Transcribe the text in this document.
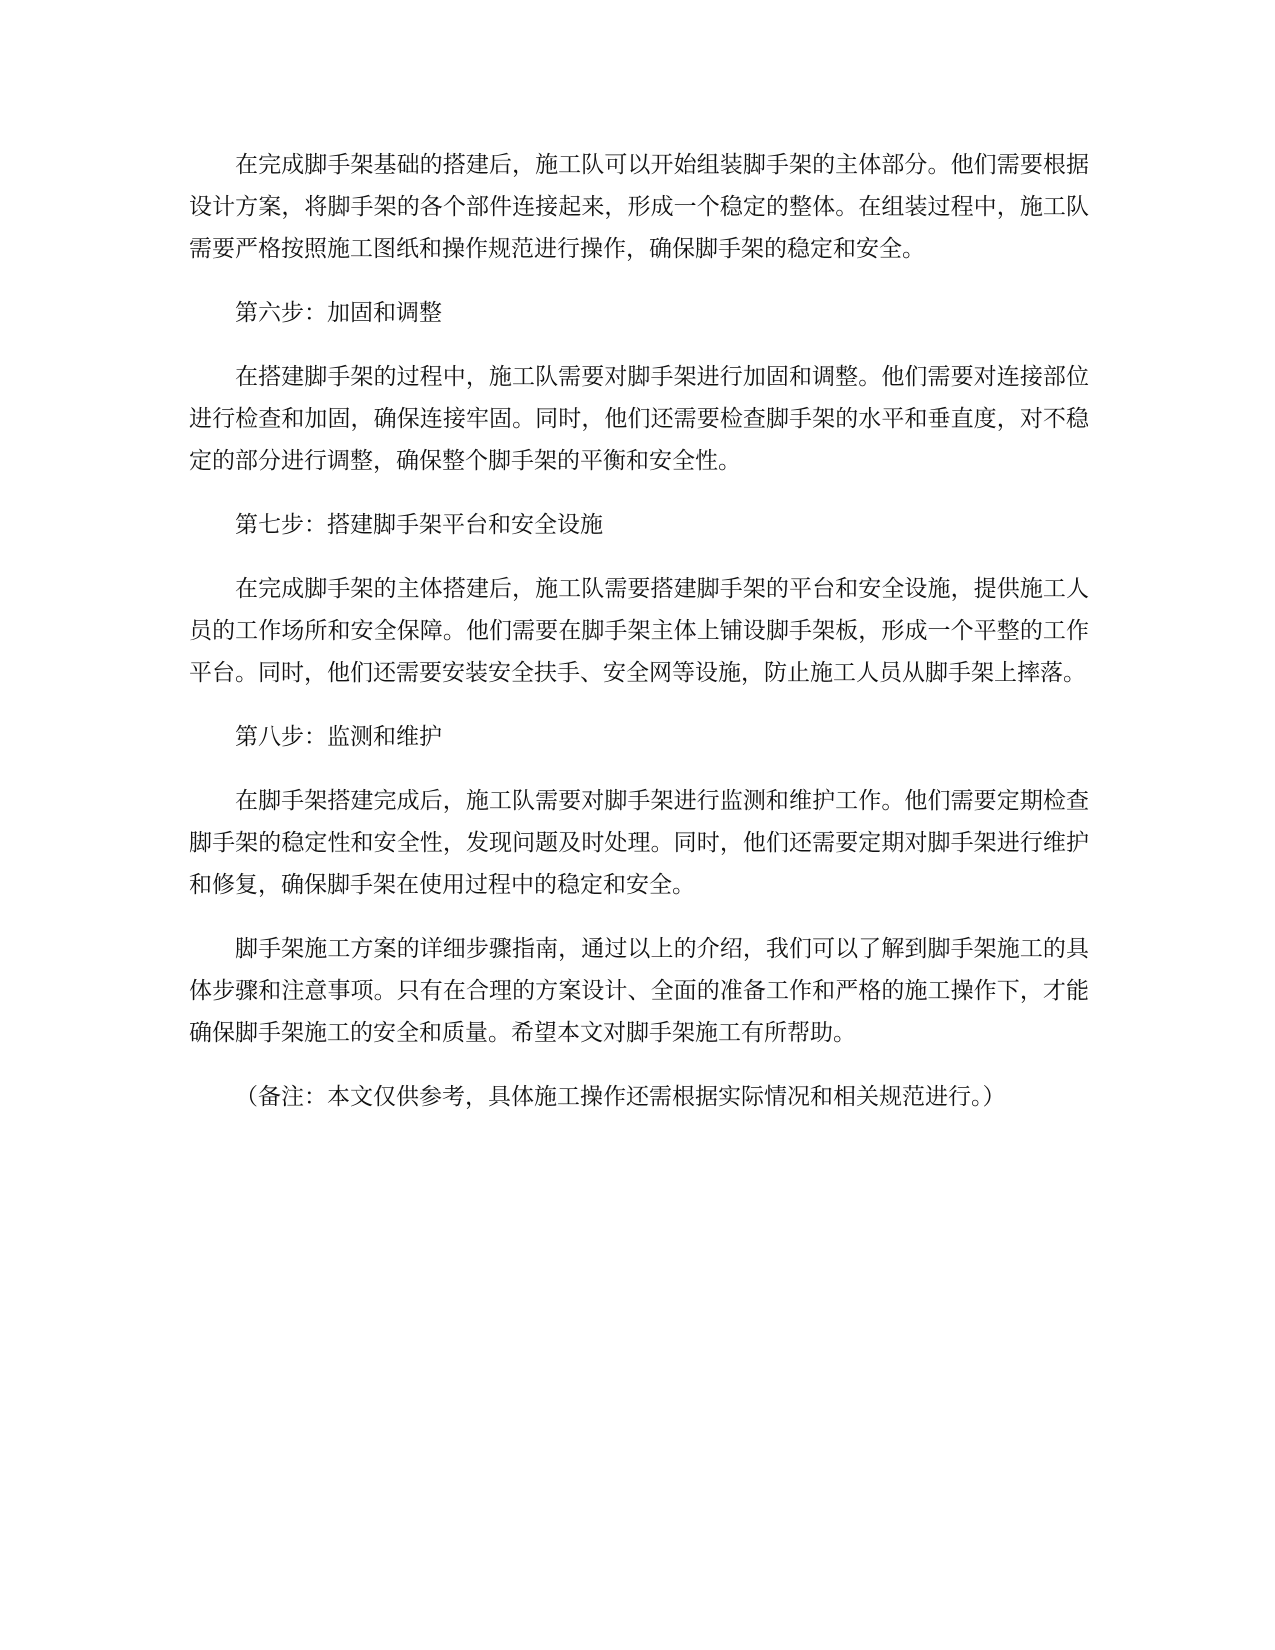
在完成脚手架基础的搭建后，施工队可以开始组装脚手架的主体部分。他们需要根据设计方案，将脚手架的各个部件连接起来，形成一个稳定的整体。在组装过程中，施工队需要严格按照施工图纸和操作规范进行操作，确保脚手架的稳定和安全。

第六步：加固和调整

在搭建脚手架的过程中，施工队需要对脚手架进行加固和调整。他们需要对连接部位进行检查和加固，确保连接牢固。同时，他们还需要检查脚手架的水平和垂直度，对不稳定的部分进行调整，确保整个脚手架的平衡和安全性。

第七步：搭建脚手架平台和安全设施

在完成脚手架的主体搭建后，施工队需要搭建脚手架的平台和安全设施，提供施工人员的工作场所和安全保障。他们需要在脚手架主体上铺设脚手架板，形成一个平整的工作平台。同时，他们还需要安装安全扶手、安全网等设施，防止施工人员从脚手架上摔落。

第八步：监测和维护

在脚手架搭建完成后，施工队需要对脚手架进行监测和维护工作。他们需要定期检查脚手架的稳定性和安全性，发现问题及时处理。同时，他们还需要定期对脚手架进行维护和修复，确保脚手架在使用过程中的稳定和安全。

脚手架施工方案的详细步骤指南，通过以上的介绍，我们可以了解到脚手架施工的具体步骤和注意事项。只有在合理的方案设计、全面的准备工作和严格的施工操作下，才能确保脚手架施工的安全和质量。希望本文对脚手架施工有所帮助。

（备注：本文仅供参考，具体施工操作还需根据实际情况和相关规范进行。）
